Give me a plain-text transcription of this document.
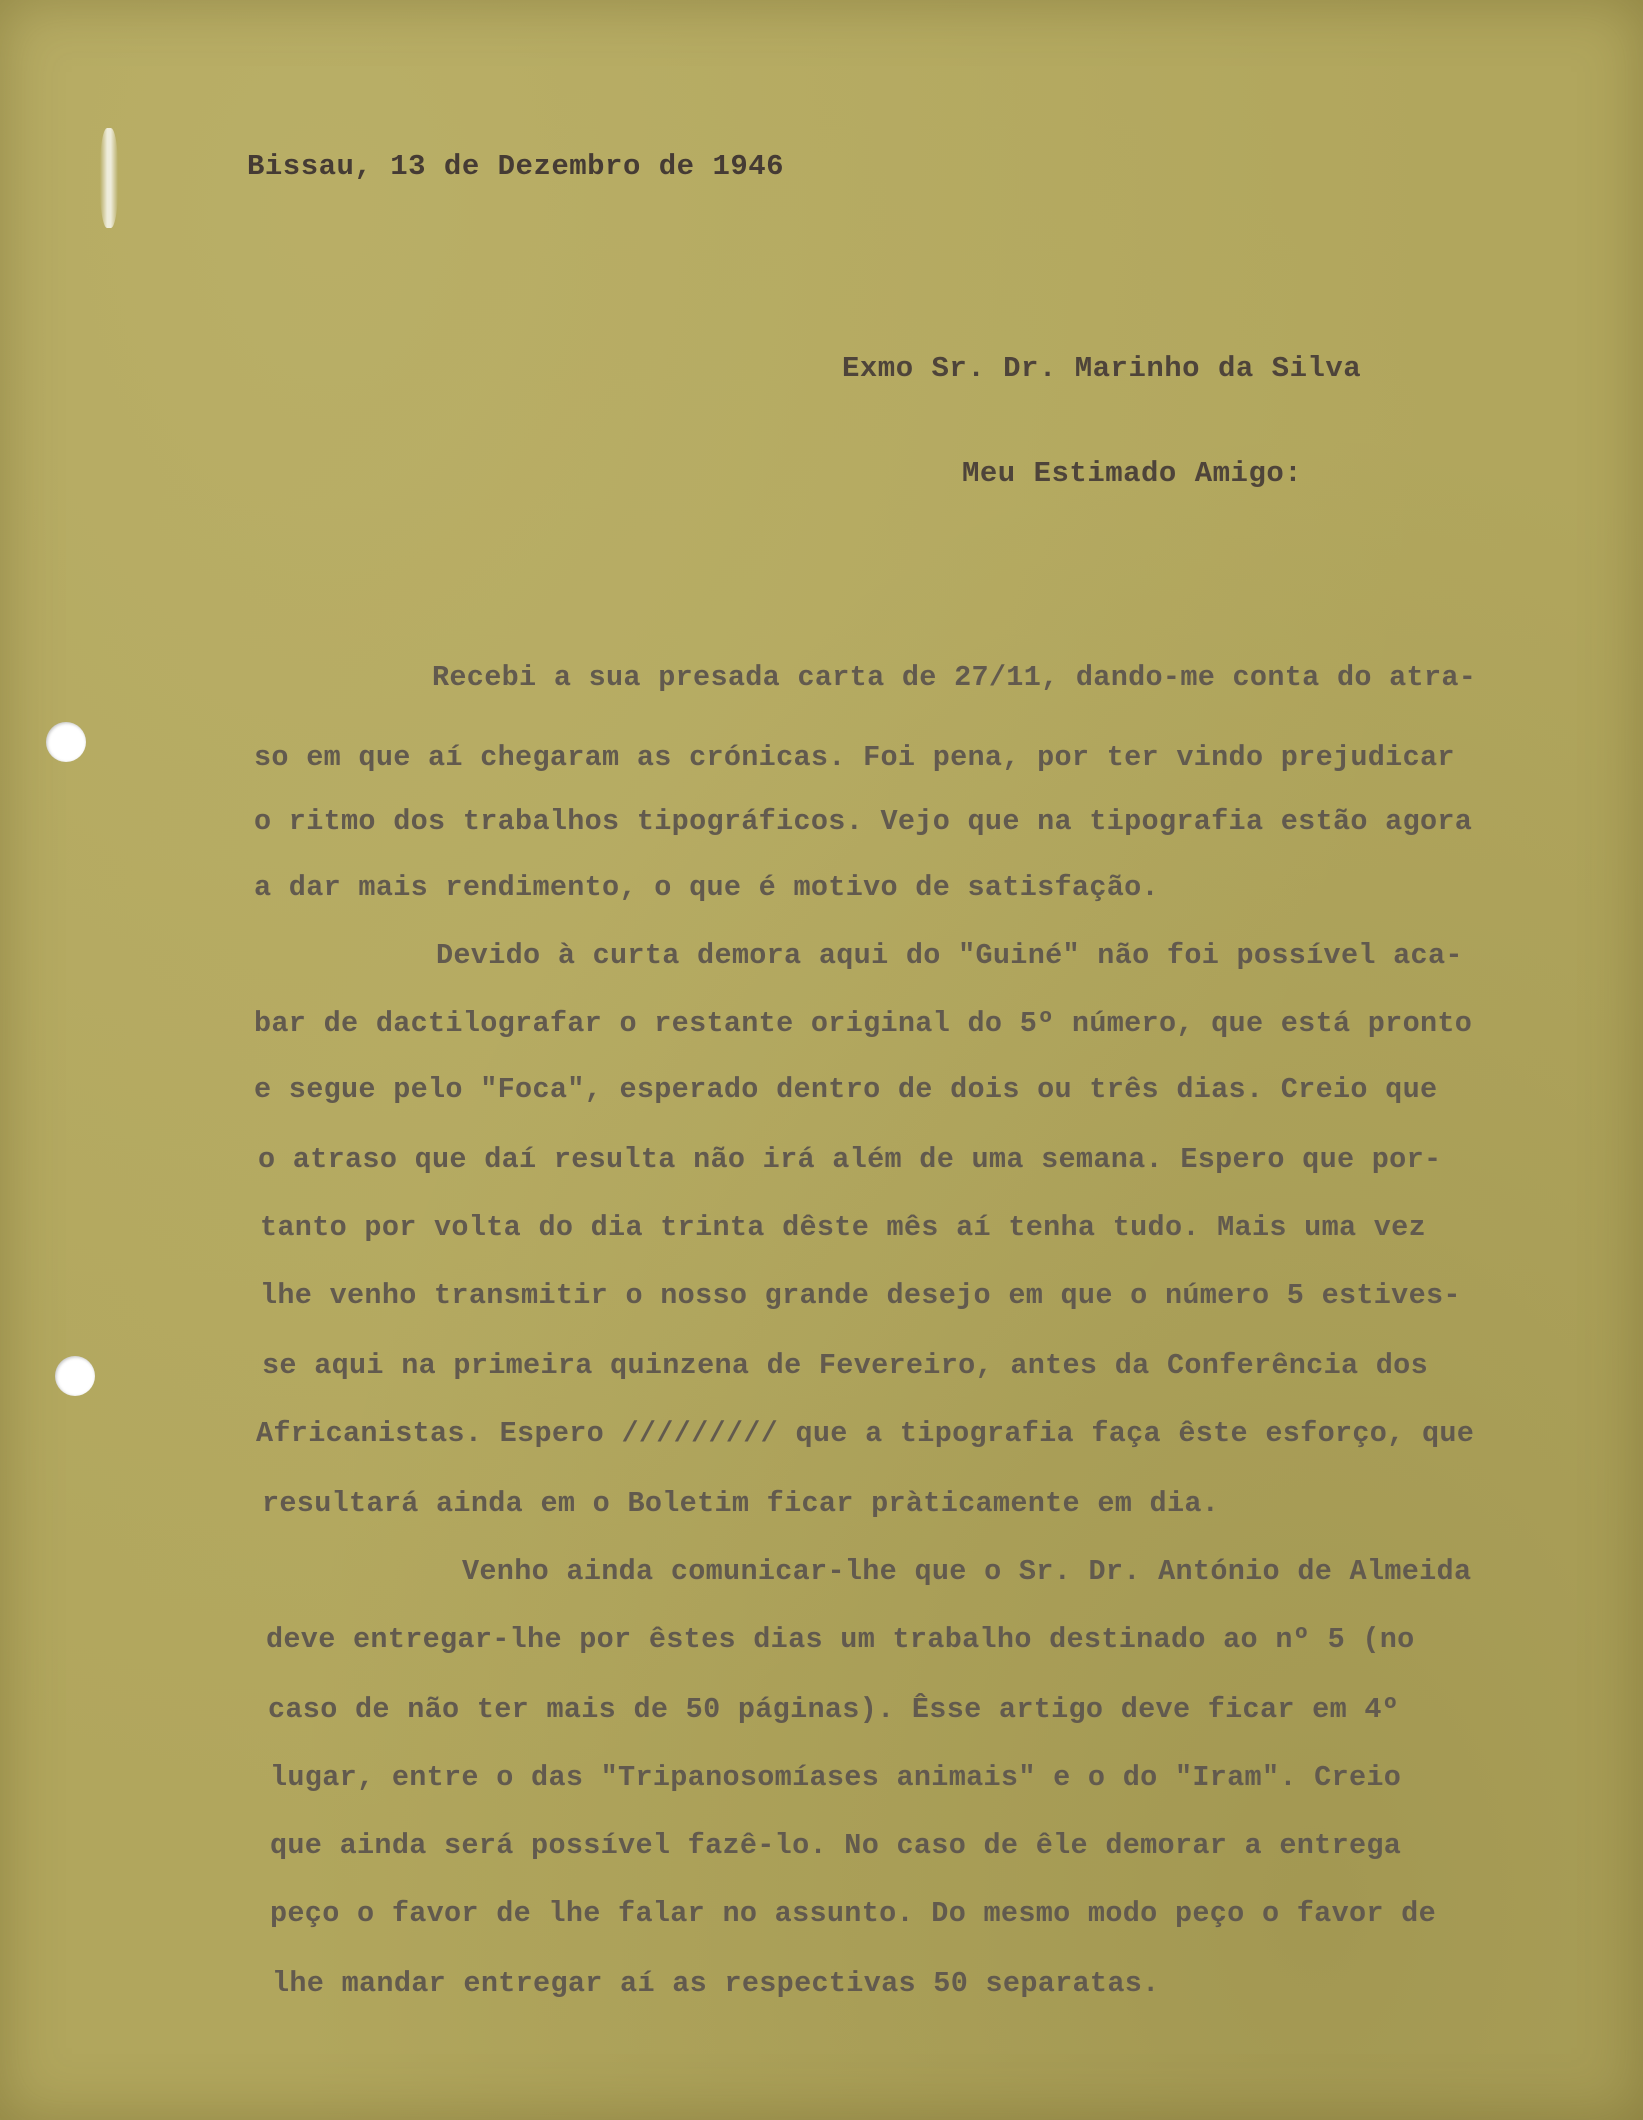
Bissau, 13 de Dezembro de 1946
Exmo Sr. Dr. Marinho da Silva
Meu Estimado Amigo:
Recebi a sua presada carta de 27/11, dando-me conta do atra-
so em que aí chegaram as crónicas. Foi pena, por ter vindo prejudicar
o ritmo dos trabalhos tipográficos. Vejo que na tipografia estão agora
a dar mais rendimento, o que é motivo de satisfação.
Devido à curta demora aqui do "Guiné" não foi possível aca-
bar de dactilografar o restante original do 5º número, que está pronto
e segue pelo "Foca", esperado dentro de dois ou três dias. Creio que
o atraso que daí resulta não irá além de uma semana. Espero que por-
tanto por volta do dia trinta dêste mês aí tenha tudo. Mais uma vez
lhe venho transmitir o nosso grande desejo em que o número 5 estives-
se aqui na primeira quinzena de Fevereiro, antes da Conferência dos
Africanistas. Espero ///////// que a tipografia faça êste esforço, que
resultará ainda em o Boletim ficar pràticamente em dia.
Venho ainda comunicar-lhe que o Sr. Dr. António de Almeida
deve entregar-lhe por êstes dias um trabalho destinado ao nº 5 (no
caso de não ter mais de 50 páginas). Êsse artigo deve ficar em 4º
lugar, entre o das "Tripanosomíases animais" e o do "Iram". Creio
que ainda será possível fazê-lo. No caso de êle demorar a entrega
peço o favor de lhe falar no assunto. Do mesmo modo peço o favor de
lhe mandar entregar aí as respectivas 50 separatas.
